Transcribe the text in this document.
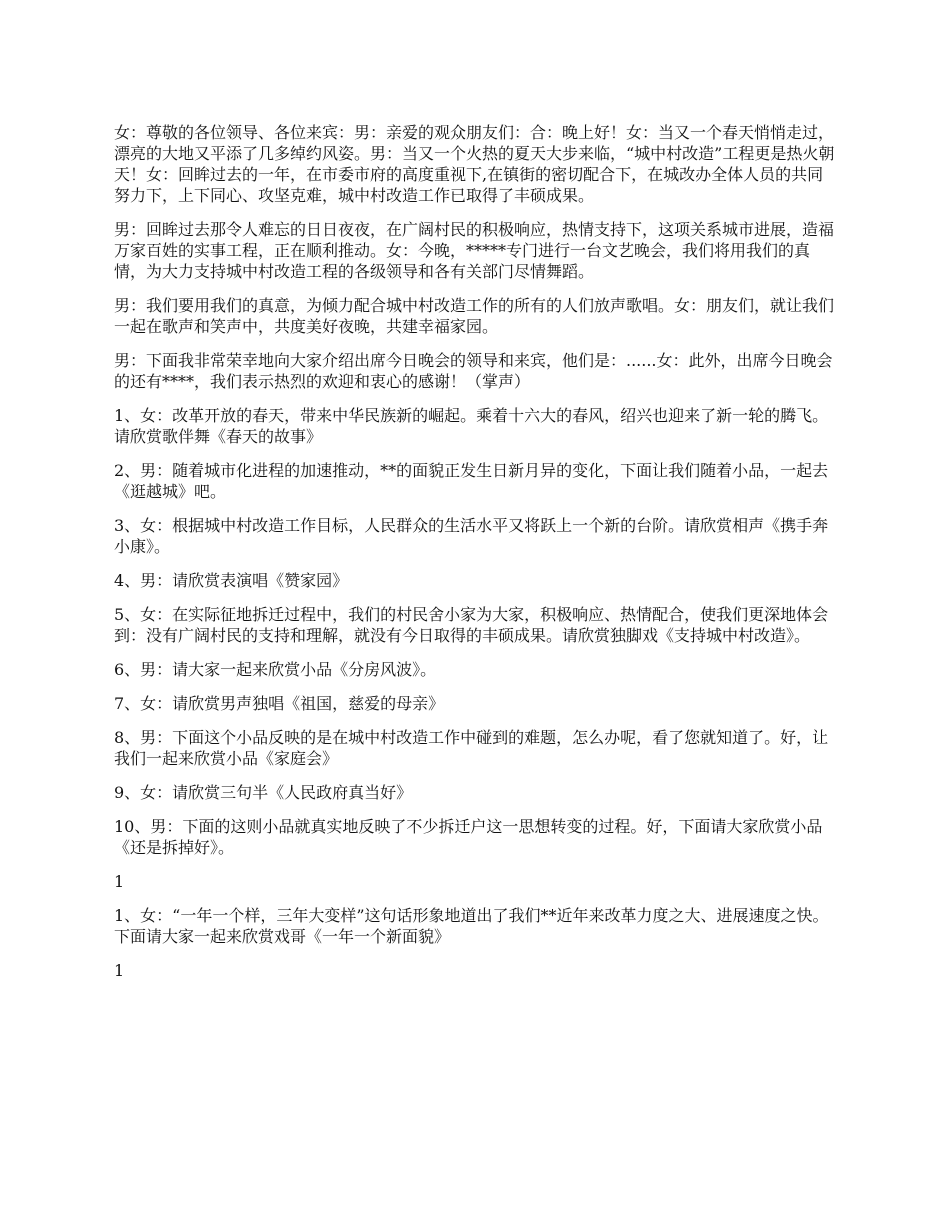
女：尊敬的各位领导、各位来宾：男：亲爱的观众朋友们：合：晚上好！女：当又一个春天悄悄走过，漂亮的大地又平添了几多绰约风姿。男：当又一个火热的夏天大步来临，“城中村改造”工程更是热火朝天！女：回眸过去的一年，在市委市府的高度重视下,在镇街的密切配合下，在城改办全体人员的共同努力下，上下同心、攻坚克难，城中村改造工作已取得了丰硕成果。

男：回眸过去那令人难忘的日日夜夜，在广阔村民的积极响应，热情支持下，这项关系城市进展，造福万家百姓的实事工程，正在顺利推动。女：今晚，*****专门进行一台文艺晚会，我们将用我们的真情，为大力支持城中村改造工程的各级领导和各有关部门尽情舞蹈。

男：我们要用我们的真意，为倾力配合城中村改造工作的所有的人们放声歌唱。女：朋友们，就让我们一起在歌声和笑声中，共度美好夜晚，共建幸福家园。

男：下面我非常荣幸地向大家介绍出席今日晚会的领导和来宾，他们是：......女：此外，出席今日晚会的还有****，我们表示热烈的欢迎和衷心的感谢！（掌声）

1、女：改革开放的春天，带来中华民族新的崛起。乘着十六大的春风，绍兴也迎来了新一轮的腾飞。请欣赏歌伴舞《春天的故事》

2、男：随着城市化进程的加速推动，**的面貌正发生日新月异的变化，下面让我们随着小品，一起去《逛越城》吧。

3、女：根据城中村改造工作目标，人民群众的生活水平又将跃上一个新的台阶。请欣赏相声《携手奔小康》。

4、男：请欣赏表演唱《赞家园》

5、女：在实际征地拆迁过程中，我们的村民舍小家为大家，积极响应、热情配合，使我们更深地体会到：没有广阔村民的支持和理解，就没有今日取得的丰硕成果。请欣赏独脚戏《支持城中村改造》。

6、男：请大家一起来欣赏小品《分房风波》。

7、女：请欣赏男声独唱《祖国，慈爱的母亲》

8、男：下面这个小品反映的是在城中村改造工作中碰到的难题，怎么办呢，看了您就知道了。好，让我们一起来欣赏小品《家庭会》

9、女：请欣赏三句半《人民政府真当好》

10、男：下面的这则小品就真实地反映了不少拆迁户这一思想转变的过程。好，下面请大家欣赏小品《还是拆掉好》。

1

1、女：“一年一个样，三年大变样”这句话形象地道出了我们**近年来改革力度之大、进展速度之快。下面请大家一起来欣赏戏哥《一年一个新面貌》

1
